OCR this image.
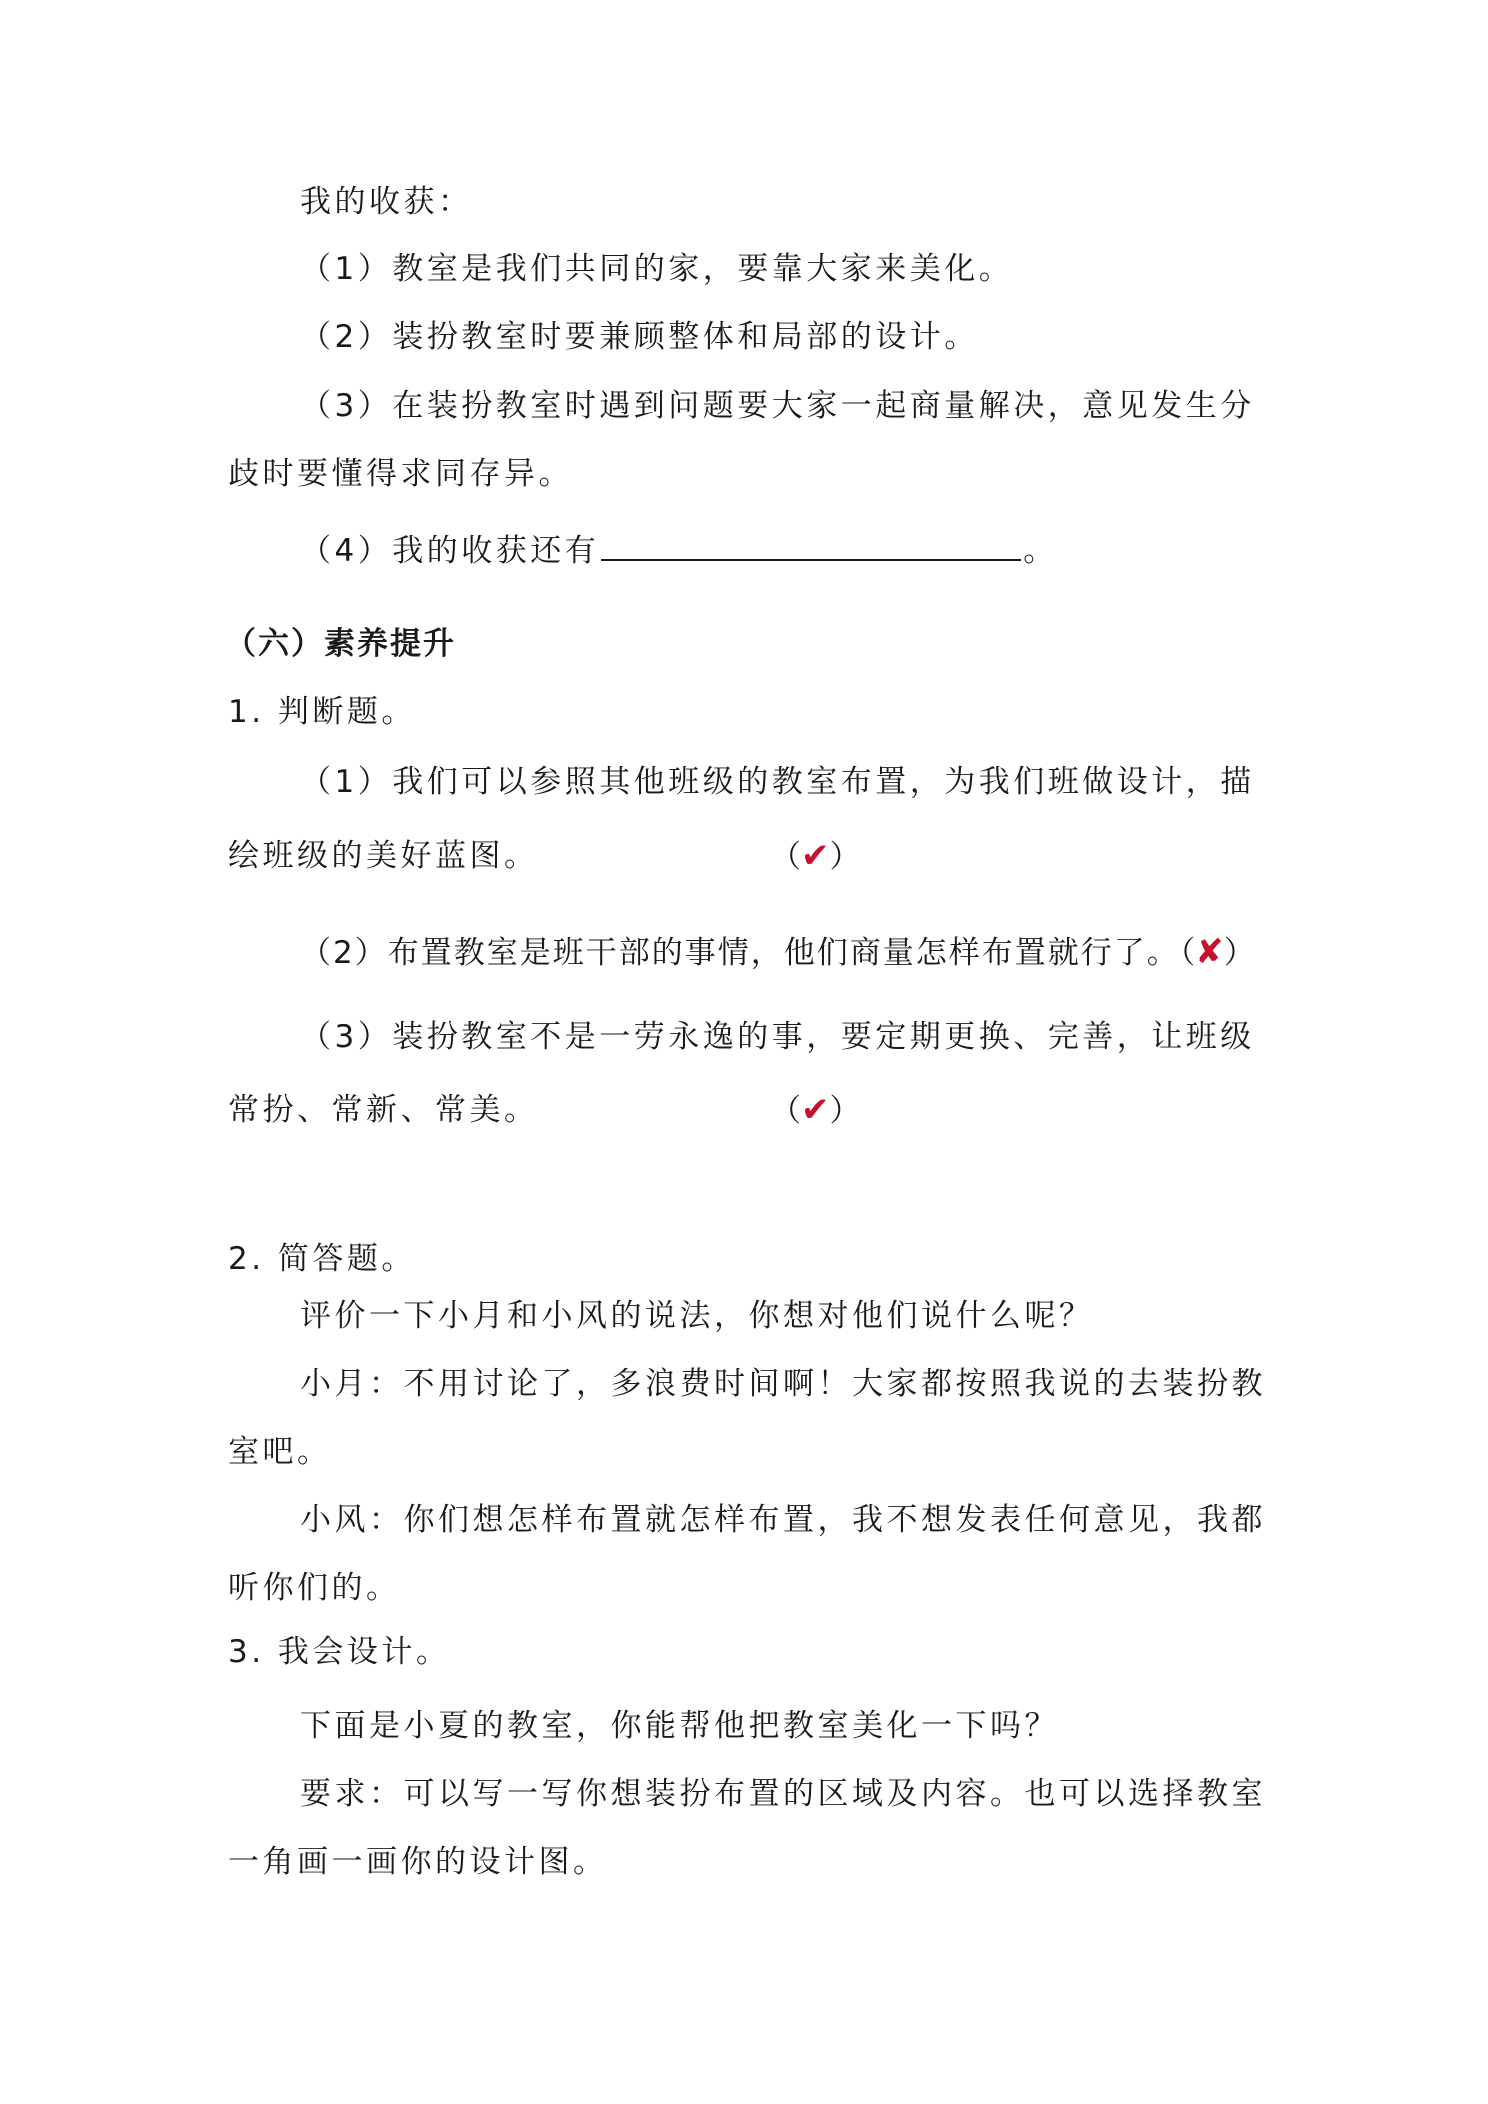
我的收获：
（1）教室是我们共同的家，要靠大家来美化。
（2）装扮教室时要兼顾整体和局部的设计。
（3）在装扮教室时遇到问题要大家一起商量解决，意见发生分
歧时要懂得求同存异。
（4）我的收获还有	。
（六）素养提升
1. 判断题。
（1）我们可以参照其他班级的教室布置，为我们班做设计，描
绘班级的美好蓝图。	（✔）
（2）布置教室是班干部的事情，他们商量怎样布置就行了。（✘）
（3）装扮教室不是一劳永逸的事，要定期更换、完善，让班级
常扮、常新、常美。	（✔）
2. 简答题。
评价一下小月和小风的说法，你想对他们说什么呢？
小月：不用讨论了，多浪费时间啊！大家都按照我说的去装扮教
室吧。
小风：你们想怎样布置就怎样布置，我不想发表任何意见，我都
听你们的。
3. 我会设计。
下面是小夏的教室，你能帮他把教室美化一下吗？
要求：可以写一写你想装扮布置的区域及内容。也可以选择教室
一角画一画你的设计图。
